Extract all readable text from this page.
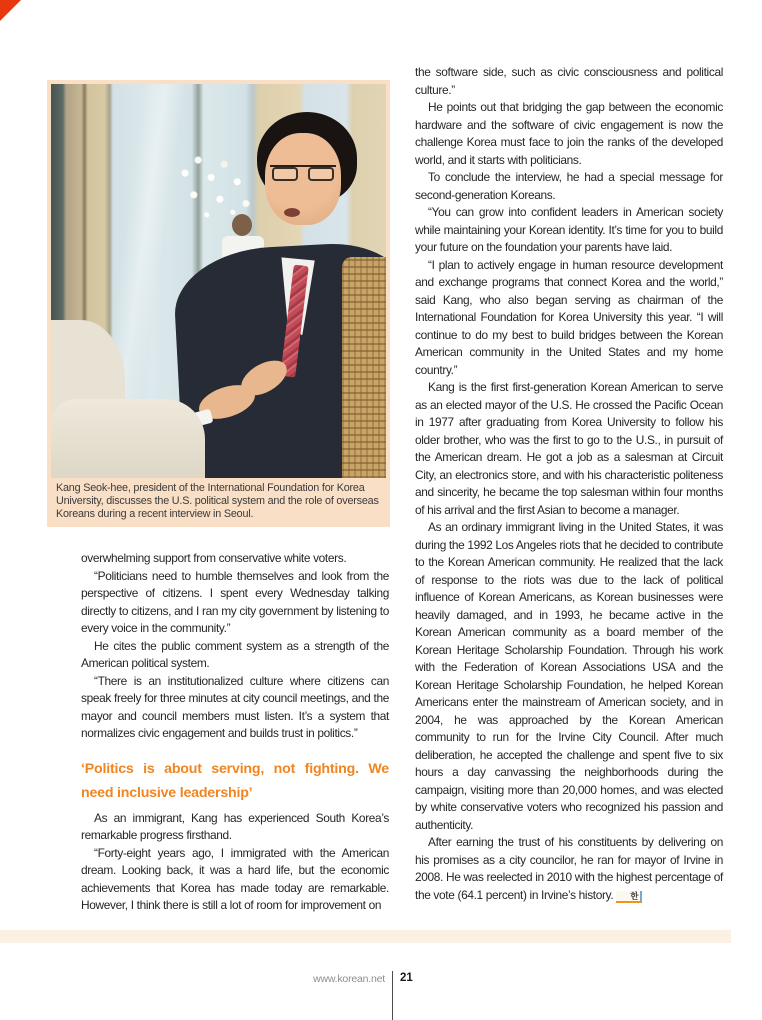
Kang Seok-hee, president of the International Foundation for Korea University, discusses the U.S. political system and the role of overseas Koreans during a recent interview in Seoul.

overwhelming support from conservative white voters.

“Politicians need to humble themselves and look from the perspective of citizens. I spent every Wednesday talking directly to citizens, and I ran my city government by listening to every voice in the community.”

He cites the public comment system as a strength of the American political system.

“There is an institutionalized culture where citizens can speak freely for three minutes at city council meetings, and the mayor and council members must listen. It’s a system that normalizes civic engagement and builds trust in politics.”

‘Politics is about serving, not fighting. We need inclusive leadership’

As an immigrant, Kang has experienced South Korea’s remarkable progress firsthand.

“Forty-eight years ago, I immigrated with the American dream. Looking back, it was a hard life, but the economic achievements that Korea has made today are remarkable. However, I think there is still a lot of room for improvement on

the software side, such as civic consciousness and political culture.”

He points out that bridging the gap between the economic hardware and the software of civic engagement is now the challenge Korea must face to join the ranks of the developed world, and it starts with politicians.

To conclude the interview, he had a special message for second-generation Koreans.

“You can grow into confident leaders in American society while maintaining your Korean identity. It’s time for you to build your future on the foundation your parents have laid.

“I plan to actively engage in human resource development and exchange programs that connect Korea and the world,” said Kang, who also began serving as chairman of the International Foundation for Korea University this year. “I will continue to do my best to build bridges between the Korean American community in the United States and my home country.”

Kang is the first first-generation Korean American to serve as an elected mayor of the U.S. He crossed the Pacific Ocean in 1977 after graduating from Korea University to follow his older brother, who was the first to go to the U.S., in pursuit of the American dream. He got a job as a salesman at Circuit City, an electronics store, and with his characteristic politeness and sincerity, he became the top salesman within four months of his arrival and the first Asian to become a manager.

As an ordinary immigrant living in the United States, it was during the 1992 Los Angeles riots that he decided to contribute to the Korean American community. He realized that the lack of response to the riots was due to the lack of political influence of Korean Americans, as Korean businesses were heavily damaged, and in 1993, he became active in the Korean American community as a board member of the Korean Heritage Scholarship Foundation. Through his work with the Federation of Korean Associations USA and the Korean Heritage Scholarship Foundation, he helped Korean Americans enter the mainstream of American society, and in 2004, he was approached by the Korean American community to run for the Irvine City Council. After much deliberation, he accepted the challenge and spent five to six hours a day canvassing the neighborhoods during the campaign, visiting more than 20,000 homes, and was elected by white conservative voters who recognized his passion and authenticity.

After earning the trust of his constituents by delivering on his promises as a city councilor, he ran for mayor of Irvine in 2008. He was reelected in 2010 with the highest percentage of the vote (64.1 percent) in Irvine’s history. 한

www.korean.net 21
